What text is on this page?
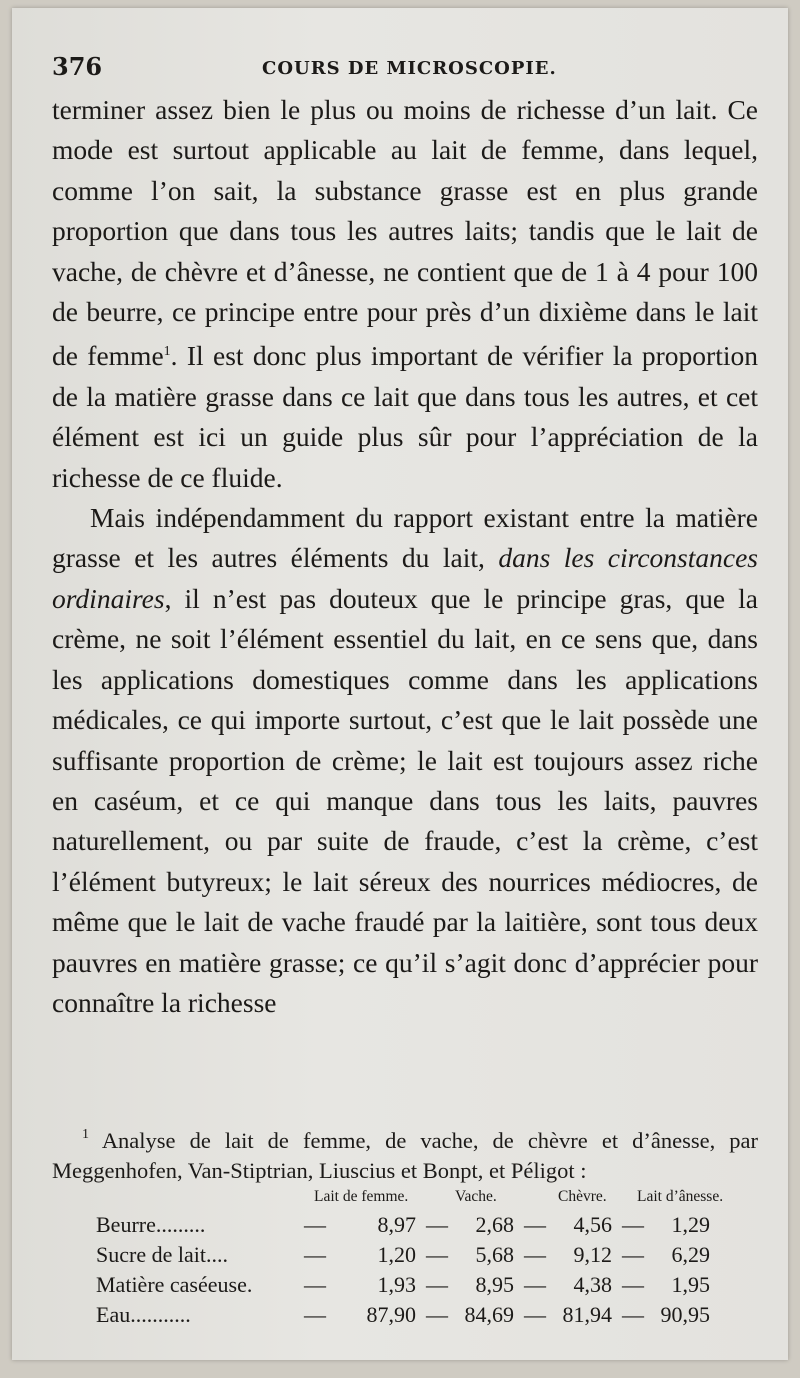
376	COURS DE MICROSCOPIE.

terminer assez bien le plus ou moins de richesse d’un lait. Ce mode est surtout applicable au lait de femme, dans lequel, comme l’on sait, la substance grasse est en plus grande proportion que dans tous les autres laits; tandis que le lait de vache, de chèvre et d’ânesse, ne contient que de 1 à 4 pour 100 de beurre, ce principe entre pour près d’un dixième dans le lait de femme$^1$. Il est donc plus important de vérifier la proportion de la matière grasse dans ce lait que dans tous les autres, et cet élément est ici un guide plus sûr pour l’appréciation de la richesse de ce fluide.

Mais indépendamment du rapport existant entre la matière grasse et les autres éléments du lait, dans les circonstances ordinaires, il n’est pas douteux que le principe gras, que la crème, ne soit l’élément essentiel du lait, en ce sens que, dans les applications domestiques comme dans les applications médicales, ce qui importe surtout, c’est que le lait possède une suffisante proportion de crème; le lait est toujours assez riche en caséum, et ce qui manque dans tous les laits, pauvres naturellement, ou par suite de fraude, c’est la crème, c’est l’élément butyreux; le lait séreux des nourrices médiocres, de même que le lait de vache fraudé par la laitière, sont tous deux pauvres en matière grasse; ce qu’il s’agit donc d’apprécier pour connaître la richesse

$^1$ Analyse de lait de femme, de vache, de chèvre et d’ânesse, par Meggenhofen, Van-Stiptrian, Liuscius et Bonpt, et Péligot :

Lait de femme.	Vache.	Chèvre. Lait d’ânesse.
Beurre.........	—	8,97 —	2,68 —	4,56 —	1,29
Sucre de lait....	—	1,20 —	5,68 —	9,12 —	6,29
Matière caséeuse. —	1,93 —	8,95 —	4,38 —	1,95
Eau...........	—	87,90 — 84,69 — 81,94 — 90,95
